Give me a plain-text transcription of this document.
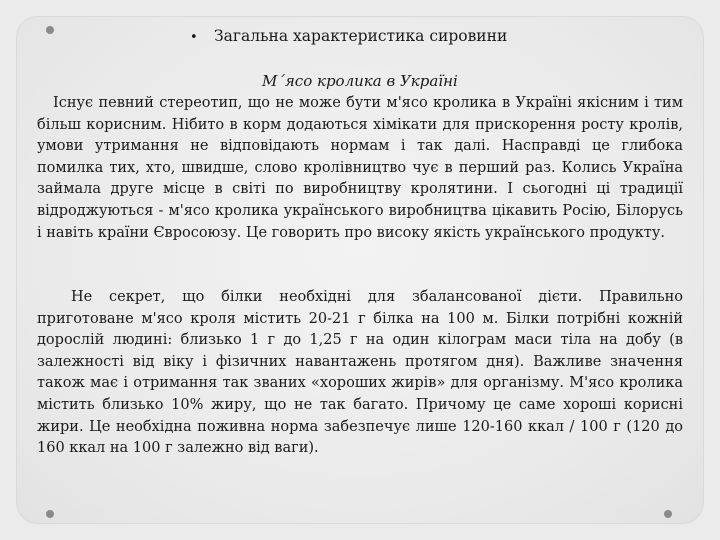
• Загальна характеристика сировини
М΄ясо кролика в Україні

Існує певний стереотип, що не може бути м'ясо кролика в Україні якісним і тим більш корисним. Нібито в корм додаються хімікати для прискорення росту кролів, умови утримання не відповідають нормам і так далі. Насправді це глибока помилка тих, хто, швидше, слово кролівництво чує в перший раз. Колись Україна займала друге місце в світі по виробництву кролятини. І сьогодні ці традиції відроджуються - м'ясо кролика українського виробництва цікавить Росію, Білорусь і навіть країни Євросоюзу. Це говорить про високу якість українського продукту.

Не секрет, що білки необхідні для збалансованої дієти. Правильно приготоване м'ясо кроля містить 20-21 г білка на 100 м. Білки потрібні кожній дорослій людині: близько 1 г до 1,25 г на один кілограм маси тіла на добу (в залежності від віку і фізичних навантажень протягом дня). Важливе значення також має і отримання так званих «хороших жирів» для організму. М'ясо кролика містить близько 10% жиру, що не так багато. Причому це саме хороші корисні жири. Це необхідна поживна норма забезпечує лише 120-160 ккал / 100 г (120 до 160 ккал на 100 г залежно від ваги).
